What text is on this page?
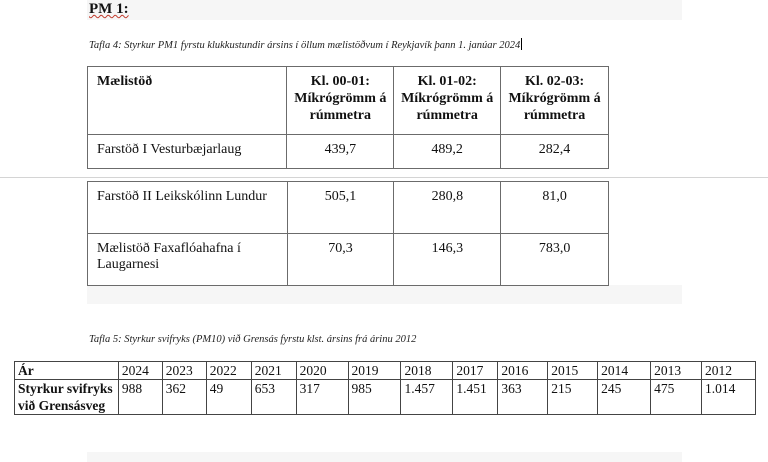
PM 1:
Tafla 4: Styrkur PM1 fyrstu klukkustundir ársins í öllum mælistöðvum í Reykjavík þann 1. janúar 2024
Mælistöð	Kl. 00-01: Míkrógrömm á rúmmetra	Kl. 01-02: Míkrógrömm á rúmmetra	Kl. 02-03: Míkrógrömm á rúmmetra
Farstöð I Vesturbæjarlaug	439,7	489,2	282,4
Farstöð II Leikskólinn Lundur	505,1	280,8	81,0
Mælistöð Faxaflóahafna í Laugarnesi	70,3	146,3	783,0
Tafla 5: Styrkur svifryks (PM10) við Grensás fyrstu klst. ársins frá árinu 2012
Ár	2024	2023	2022	2021	2020	2019	2018	2017	2016	2015	2014	2013	2012
Styrkur svifryks við Grensásveg	988	362	49	653	317	985	1.457	1.451	363	215	245	475	1.014
